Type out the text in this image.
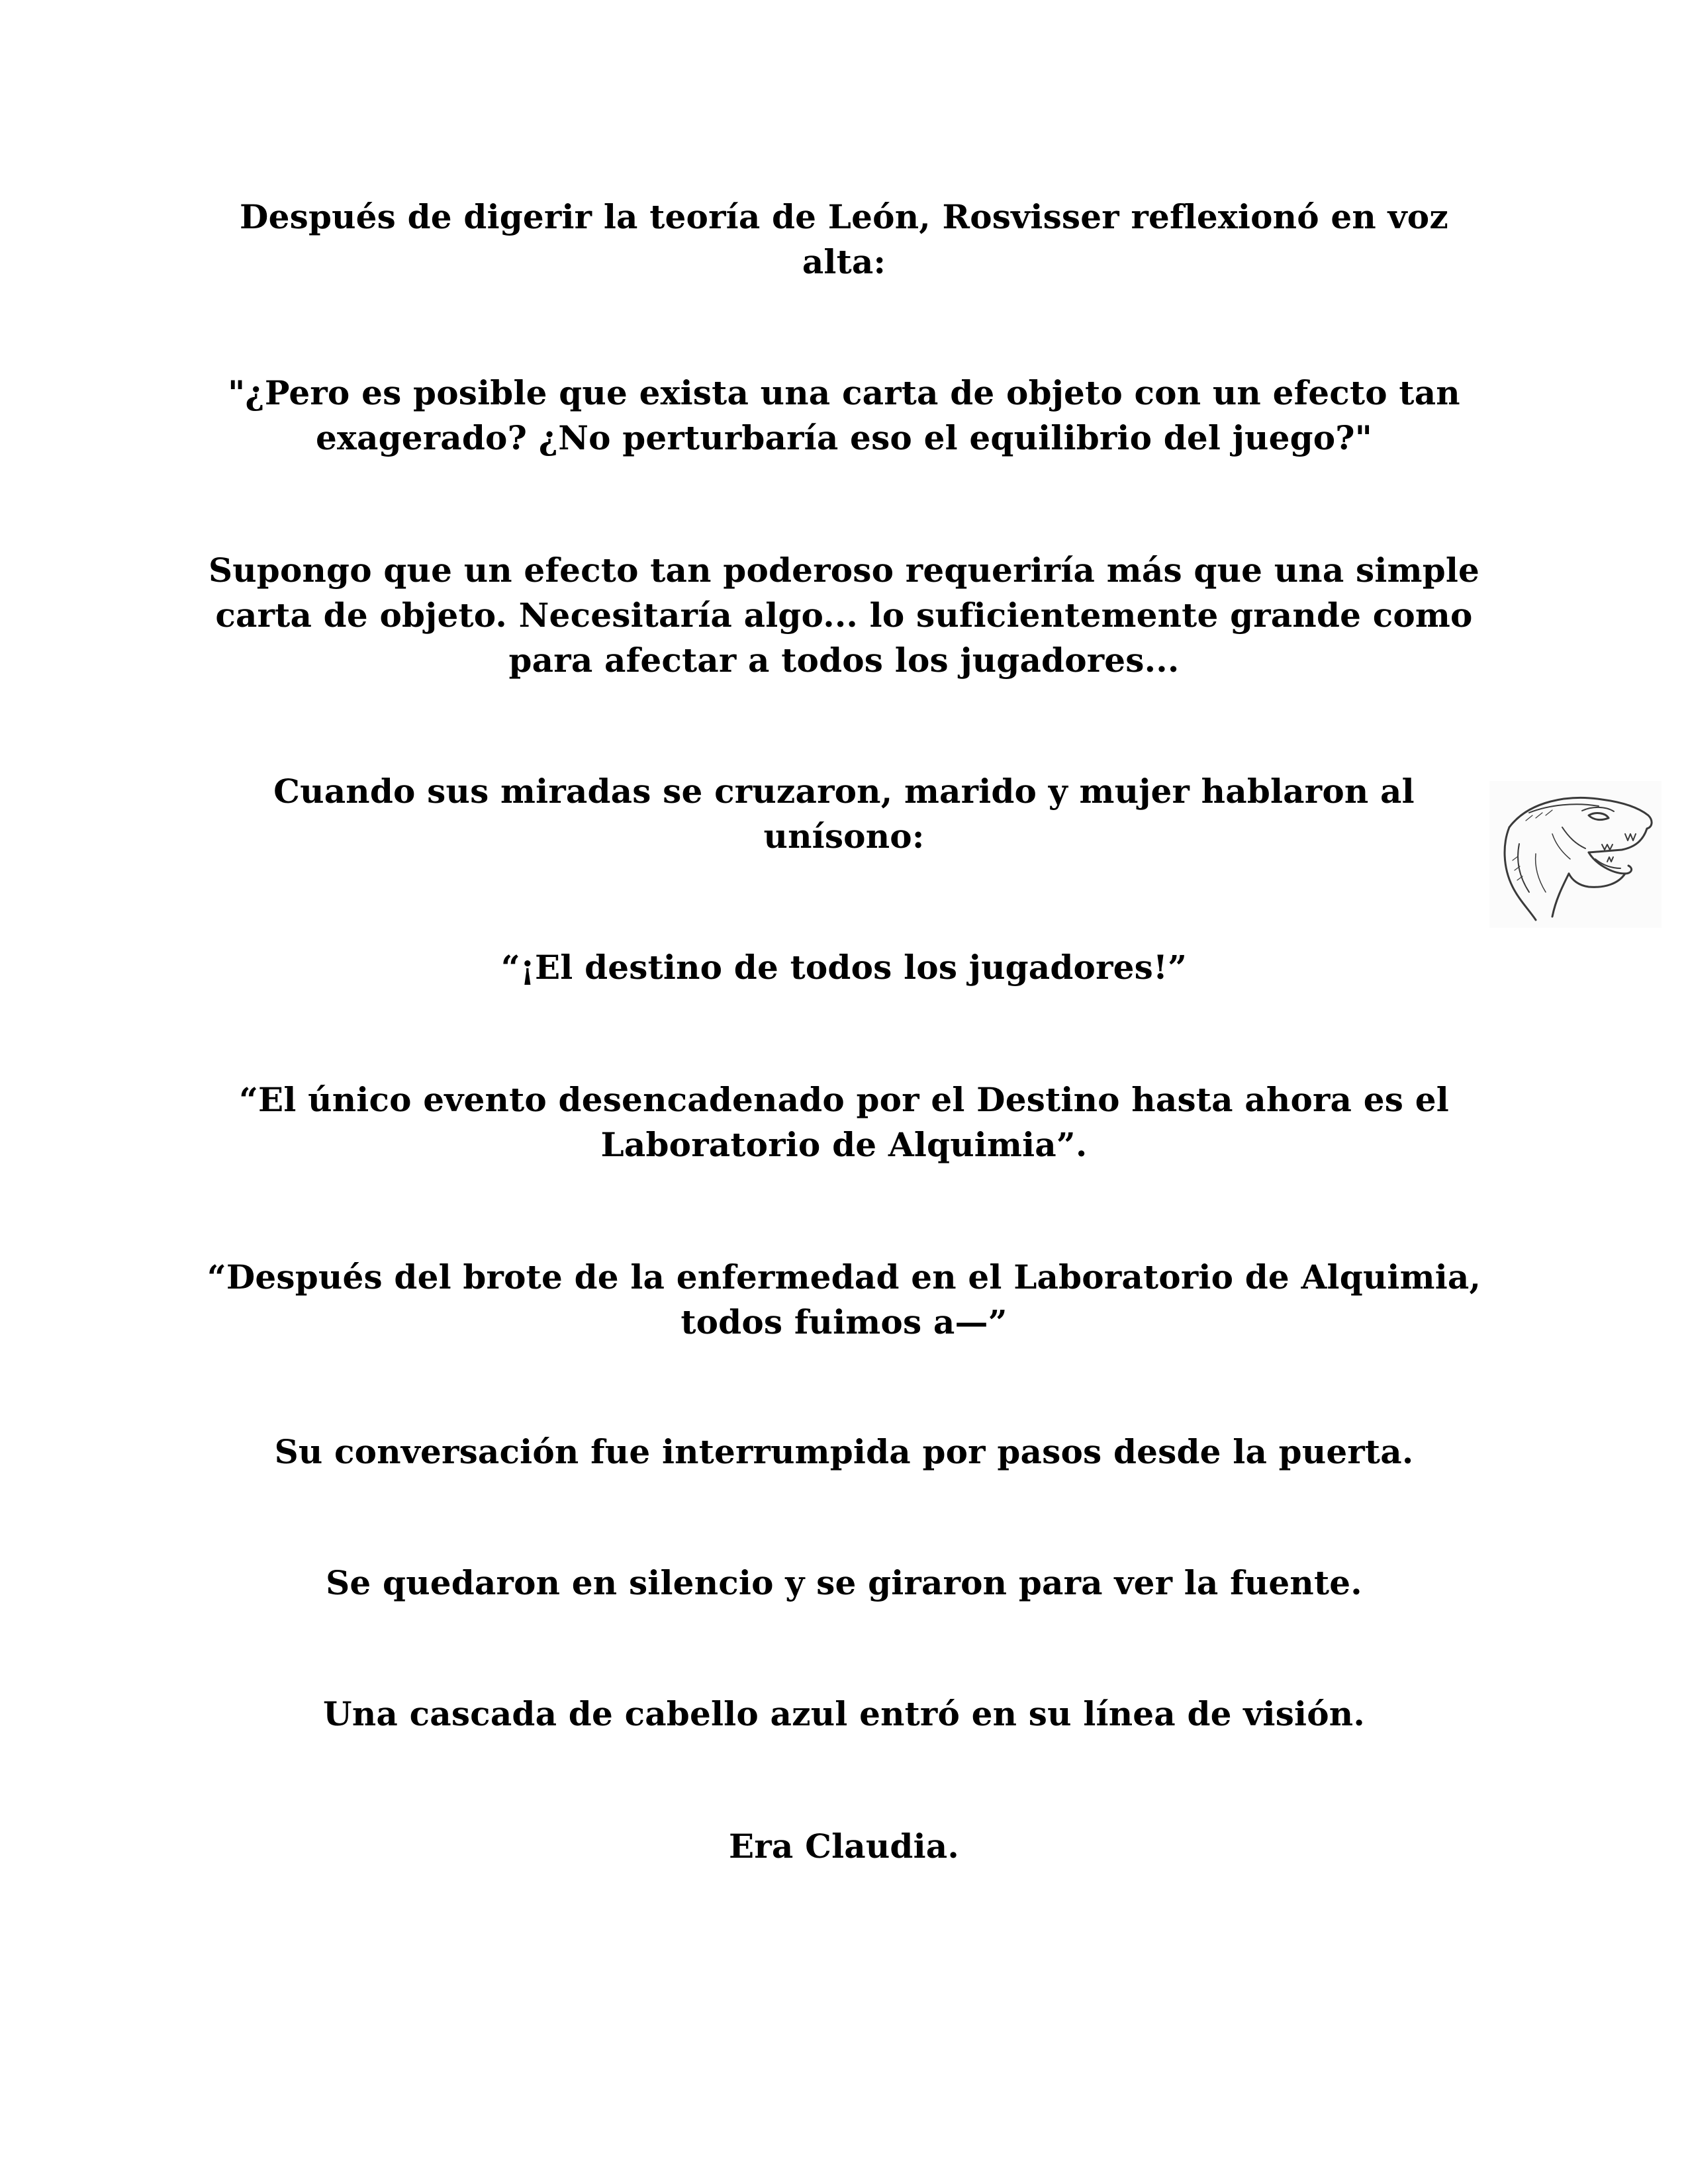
Después de digerir la teoría de León, Rosvisser reflexionó en voz alta:

"¿Pero es posible que exista una carta de objeto con un efecto tan exagerado? ¿No perturbaría eso el equilibrio del juego?"

Supongo que un efecto tan poderoso requeriría más que una simple carta de objeto. Necesitaría algo... lo suficientemente grande como para afectar a todos los jugadores...

Cuando sus miradas se cruzaron, marido y mujer hablaron al unísono:

“¡El destino de todos los jugadores!”

“El único evento desencadenado por el Destino hasta ahora es el Laboratorio de Alquimia”.

“Después del brote de la enfermedad en el Laboratorio de Alquimia, todos fuimos a—”

Su conversación fue interrumpida por pasos desde la puerta.

Se quedaron en silencio y se giraron para ver la fuente.

Una cascada de cabello azul entró en su línea de visión.

Era Claudia.
